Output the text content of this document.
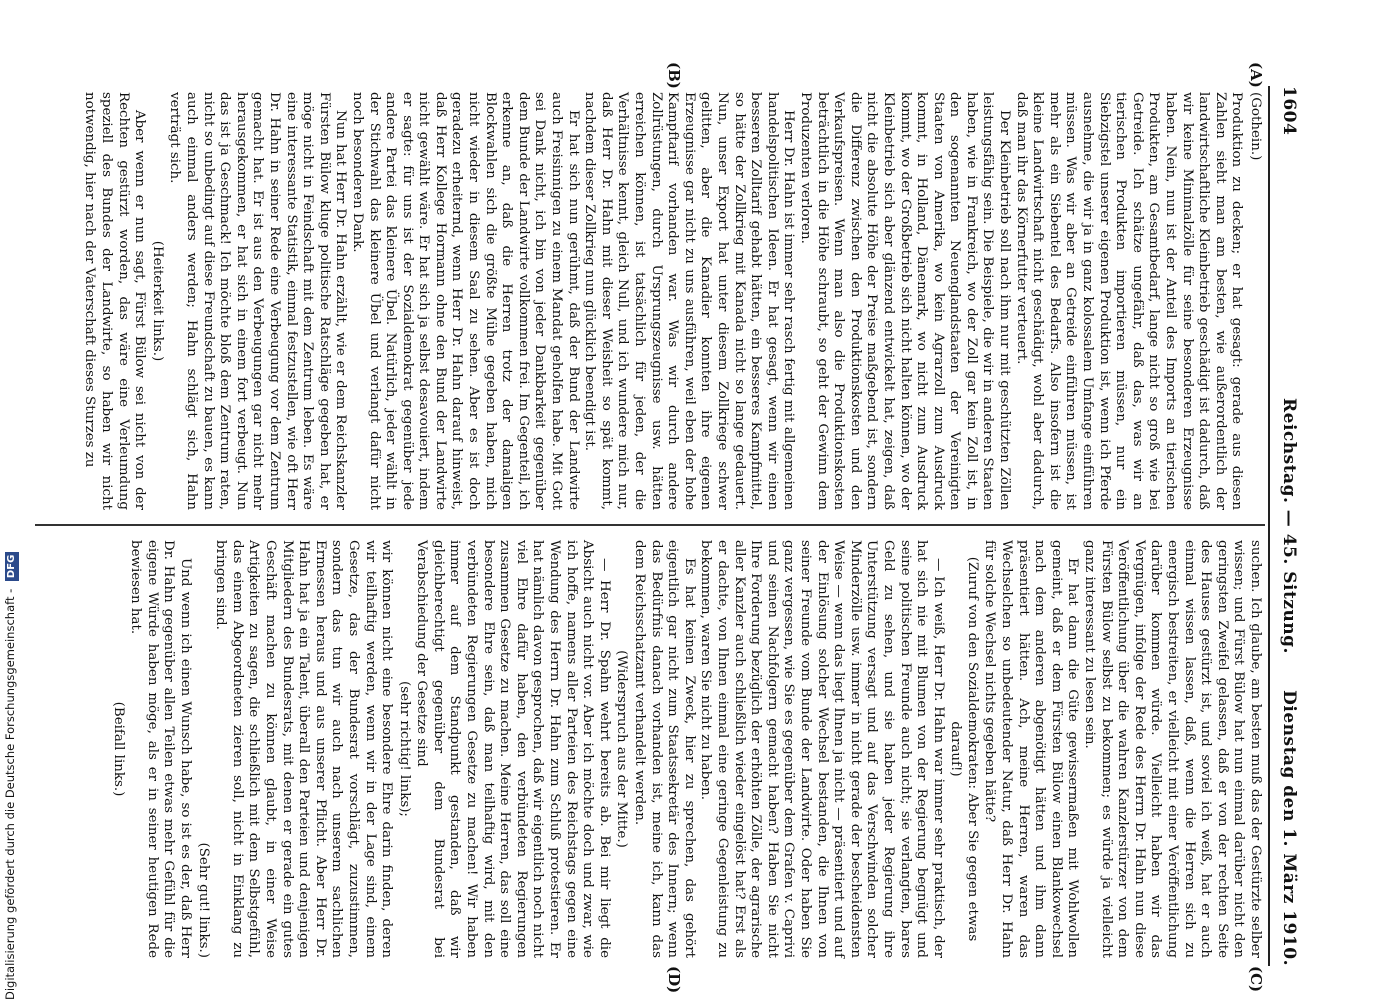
1604
Reichstag. — 45. Sitzung.
Dienstag den 1. März 1910.
(A)
(B)
(C)
(D)
(Gothein.)

Produktion zu decken; er hat gesagt: gerade aus diesen Zahlen sieht man am besten, wie außerordentlich der landwirtschaftliche Kleinbetrieb geschädigt ist dadurch, daß wir keine Minimalzölle für seine besonderen Erzeugnisse haben. Nein, nun ist der Anteil des Imports an tierischen Produkten, am Gesamtbedarf, lange nicht so groß wie bei Getreide. Ich schätze ungefähr, daß das, was wir an tierischen Produkten importieren müssen, nur ein Siebzigstel unserer eigenen Produktion ist, wenn ich Pferde ausnehme, die wir ja in ganz kolossalem Umfange einführen müssen. Was wir aber an Getreide einführen müssen, ist mehr als ein Siebentel des Bedarfs. Also insofern ist die kleine Landwirtschaft nicht geschädigt, wohl aber dadurch, daß man ihr das Körnerfutter verteuert.

Der Kleinbetrieb soll nach ihm nur mit geschützten Zöllen leistungsfähig sein. Die Beispiele, die wir in anderen Staaten haben, wie in Frankreich, wo der Zoll gar kein Zoll ist, in den sogenannten Neuenglandstaaten der Vereinigten Staaten von Amerika, wo kein Agrarzoll zum Ausdruck kommt, in Holland, Dänemark, wo nicht zum Ausdruck kommt, wo der Großbetrieb sich nicht halten können, wo der Kleinbetrieb sich aber glänzend entwickelt hat, zeigen, daß nicht die absolute Höhe der Preise maßgebend ist, sondern die Differenz zwischen den Produktionskosten und den Verkaufspreisen. Wenn man also die Produktionskosten beträchtlich in die Höhe schraubt, so geht der Gewinn dem Produzenten verloren.

Herr Dr. Hahn ist immer sehr rasch fertig mit allgemeinen handelspolitischen Ideen. Er hat gesagt, wenn wir einen besseren Zolltarif gehabt hätten, ein besseres Kampfmittel, so hätte der Zollkrieg mit Kanada nicht so lange gedauert. Nun, unser Export hat unter diesem Zollkriege schwer gelitten, aber die Kanadier konnten ihre eigenen Erzeugnisse gar nicht zu uns ausführen, weil eben der hohe Kampftarif vorhanden war. Was wir durch andere Zollrüstungen, durch Ursprungszeugnisse usw. hätten erreichen können, ist tatsächlich für jeden, der die Verhältnisse kennt, gleich Null, und ich wundere mich nur, daß Herr Dr. Hahn mit dieser Weisheit so spät kommt, nachdem dieser Zollkrieg nun glücklich beendigt ist.

Er hat sich nun gerühmt, daß der Bund der Landwirte auch Freisinnigen zu einem Mandat geholfen habe. Mit Gott sei Dank nicht, ich bin von jeder Dankbarkeit gegenüber dem Bunde der Landwirte vollkommen frei. Im Gegenteil, ich erkenne an, daß die Herren trotz der damaligen Blockwahlen sich die größte Mühe gegeben haben, mich nicht wieder in diesem Saal zu sehen. Aber es ist doch geradezu erheiternd, wenn Herr Dr. Hahn darauf hinweist, daß Herr Kollege Hormann ohne den Bund der Landwirte nicht gewählt wäre. Er hat sich ja selbst desavouiert, indem er sagte: für uns ist der Sozialdemokrat gegenüber jede andere Partei das kleinere Übel. Natürlich, jeder wählt in der Stichwahl das kleinere Übel und verlangt dafür nicht noch besonderen Dank.

Nun hat Herr Dr. Hahn erzählt, wie er dem Reichskanzler Fürsten Bülow kluge politische Ratschläge gegeben hat, er möge nicht in Feindschaft mit dem Zentrum leben. Es wäre eine interessante Statistik, einmal festzustellen, wie oft Herr Dr. Hahn in seiner Rede eine Verbeugung vor dem Zentrum gemacht hat. Er ist aus den Verbeugungen gar nicht mehr herausgekommen, er hat sich in einem fort verbeugt. Nun das ist ja Geschmack! Ich möchte bloß dem Zentrum raten, nicht so unbedingt auf diese Freundschaft zu bauen, es kann auch einmal anders werden; Hahn schlägt sich, Hahn verträgt sich.

(Heiterkeit links.)

Aber wenn er nun sagt, Fürst Bülow sei nicht von der Rechten gestürzt worden, das wäre eine Verleumdung speziell des Bundes der Landwirte, so haben wir nicht notwendig, hier nach der Vaterschaft dieses Sturzes zu

suchen. Ich glaube, am besten muß das der Gestürzte selber wissen; und Fürst Bülow hat nun einmal darüber nicht den geringsten Zweifel gelassen, daß er von der rechten Seite des Hauses gestürzt ist, und soviel ich weiß, hat er auch einmal wissen lassen, daß, wenn die Herren sich zu energisch bestreiten, er vielleicht mit einer Veröffentlichung darüber kommen würde. Vielleicht haben wir das Vergnügen, infolge der Rede des Herrn Dr. Hahn nun diese Veröffentlichung über die wahren Kanzlerstürzer von dem Fürsten Bülow selbst zu bekommen; es würde ja vielleicht ganz interessant zu lesen sein.

Er hat dann die Güte gewissermaßen mit Wohlwollen gemeint, daß er dem Fürsten Bülow einen Blankowechsel nach dem anderen abgenötigt hätten und ihm dann präsentiert hätten. Ach, meine Herren, waren das Wechselchen so unbedeutender Natur, daß Herr Dr. Hahn für solche Wechsel nichts gegeben hätte?

(Zuruf von den Sozialdemokraten: Aber Sie gegen etwas darauf!)

— Ich weiß, Herr Dr. Hahn war immer sehr praktisch, der hat sich nie mit Blumen von der Regierung begnügt und seine politischen Freunde auch nicht; sie verlangten, bares Geld zu sehen, und sie haben jeder Regierung ihre Unterstützung versagt und auf das Verschwinden solcher Minderzölle usw. immer in nicht gerade der bescheidensten Weise — wenn das liegt Ihnen ja nicht — präsentiert und auf der Einlösung solcher Wechsel bestanden, die Ihnen von seiner Freunde vom Bunde der Landwirte. Oder haben Sie ganz vergessen, wie Sie es gegenüber dem Grafen v. Caprivi und seinen Nachfolgern gemacht haben? Haben Sie nicht Ihre Forderung bezüglich der erhöhten Zölle, der agrarische aller Kanzler auch schließlich wieder eingelöst hat? Erst als er dachte, von Ihnen einmal eine geringe Gegenleistung zu bekommen, waren Sie nicht zu haben.

Es hat keinen Zweck, hier zu sprechen, das gehört eigentlich gar nicht zum Staatssekretär des Innern; wenn das Bedürfnis danach vorhanden ist, meine ich, kann das dem Reichsschatzamt verhandelt werden.

(Widerspruch aus der Mitte.)

— Herr Dr. Spahn wehrt bereits ab. Bei mir liegt die Absicht auch nicht vor. Aber ich möchte doch und zwar, wie ich hoffe, namens aller Parteien des Reichstags gegen eine Wendung des Herrn Dr. Hahn zum Schluß protestieren. Er hat nämlich davon gesprochen, daß wir eigentlich noch nicht viel Ehre dafür haben, den verbündeten Regierungen zusammen Gesetze zu machen. Meine Herren, das soll eine besondere Ehre sein, daß man teilhaftig wird, mit den verbündeten Regierungen Gesetze zu machen! Wir haben immer auf dem Standpunkt gestanden, daß wir gleichberechtigt gegenüber dem Bundesrat bei Verabschiedung der Gesetze sind

(sehr richtig! links);

wir können nicht eine besondere Ehre darin finden, deren wir teilhaftig werden, wenn wir in der Lage sind, einem Gesetze, das der Bundesrat vorschlägt, zuzustimmen, sondern das tun wir auch nach unserem sachlichen Ermessen heraus und aus unserer Pflicht. Aber Herr Dr. Hahn hat ja ein Talent, überall den Parteien und denjenigen Mitgliedern des Bundesrats, mit denen er gerade ein gutes Geschäft machen zu können glaubt, in einer Weise Artigkeiten zu sagen, die schließlich mit dem Selbstgefühl, das einem Abgeordneten zieren soll, nicht in Einklang zu bringen sind.

(Sehr gut! links.)

Und wenn ich einen Wunsch habe, so ist es der, daß Herr Dr. Hahn gegenüber allen Teilen etwas mehr Gefühl für die eigene Würde haben möge, als er in seiner heutigen Rede bewiesen hat.

(Beifall links.)
Digitalisierung gefördert durch die Deutsche Forschungsgemeinschaft - DFG
